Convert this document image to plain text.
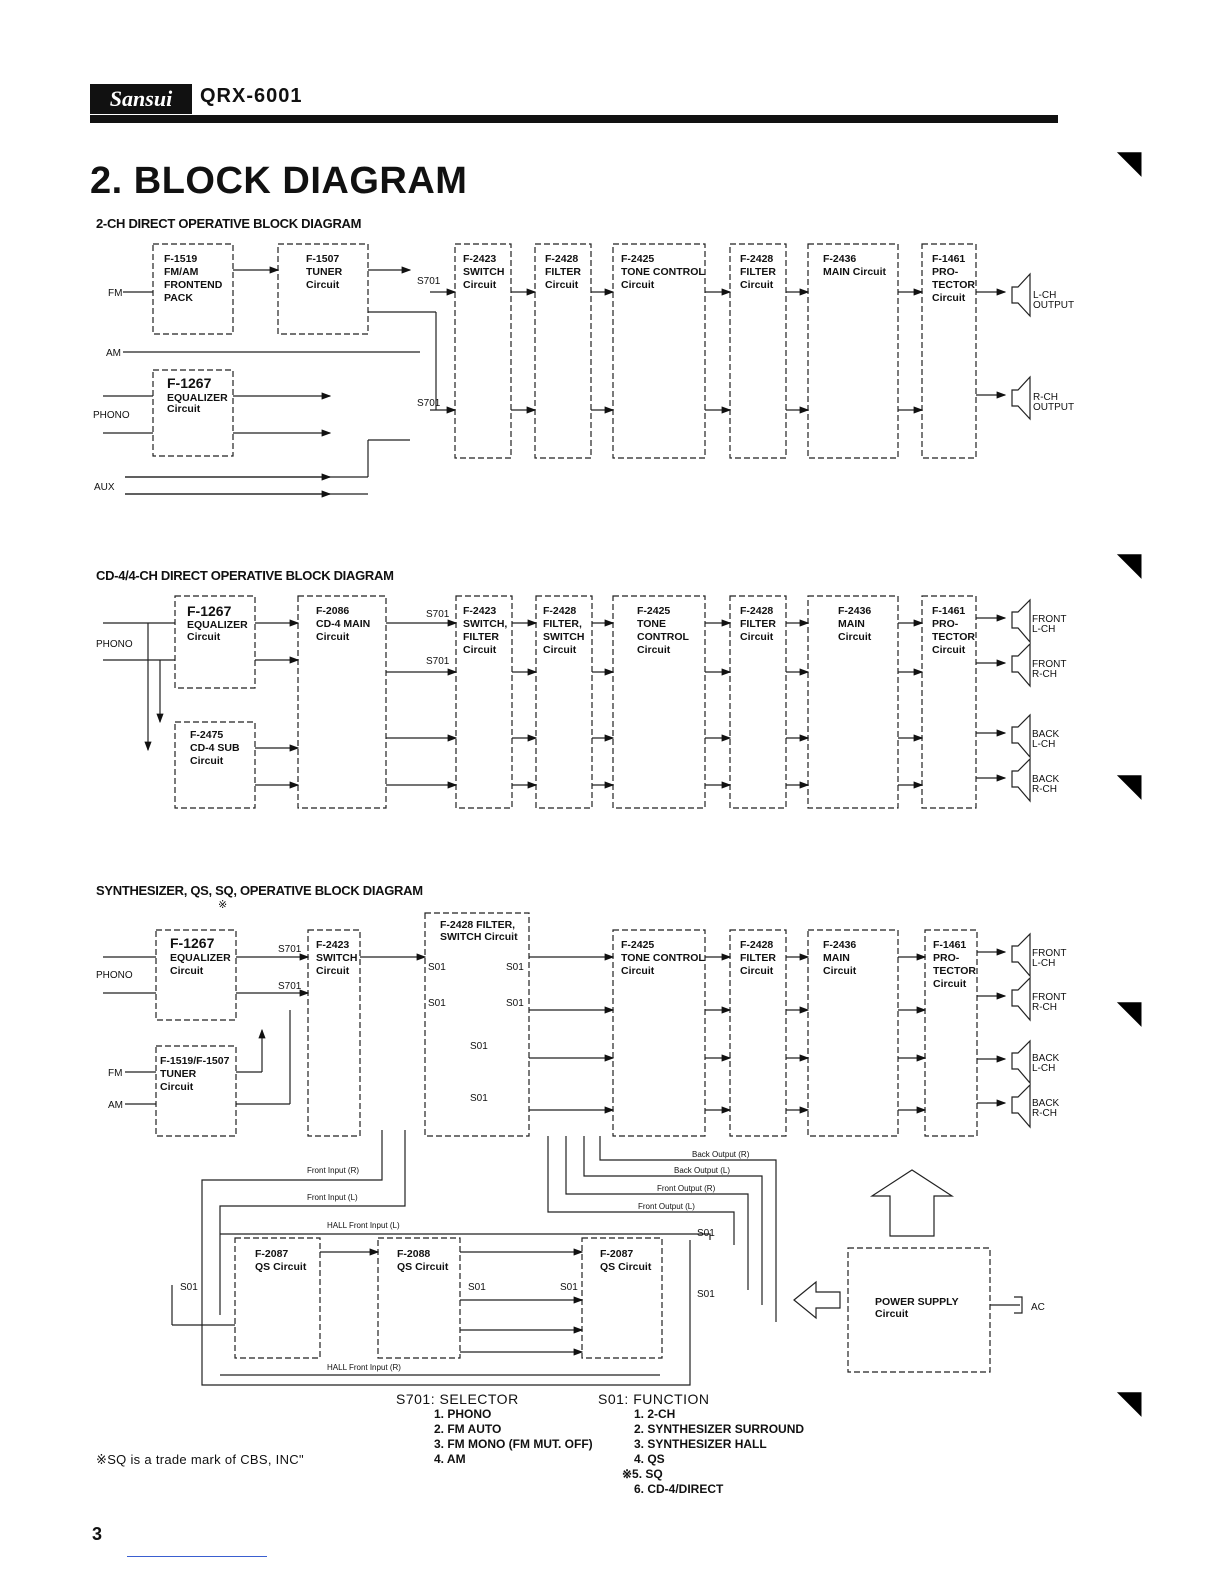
Sansui	QRX-6001
2. BLOCK DIAGRAM
2-CH DIRECT OPERATIVE BLOCK DIAGRAM
CD-4/4-CH DIRECT OPERATIVE BLOCK DIAGRAM
SYNTHESIZER, QS, SQ, OPERATIVE BLOCK DIAGRAM
※
F-1519
FM/AM
FRONTEND
PACK
F-1507
TUNER
Circuit
F-1267
EQUALIZER
Circuit
F-2423
SWITCH
Circuit
F-2428
FILTER
Circuit
F-2425
TONE CONTROL
Circuit
F-2428
FILTER
Circuit
F-2436
MAIN Circuit
F-1461
PRO-
TECTOR
Circuit
FM
AM
PHONO
AUX
S701
S701
L-CH
OUTPUT
R-CH
OUTPUT
F-1267
EQUALIZER
Circuit
F-2086
CD-4 MAIN
Circuit
F-2475
CD-4 SUB
Circuit
F-2423
SWITCH,
FILTER
Circuit
F-2428
FILTER,
SWITCH
Circuit
F-2425
TONE
CONTROL
Circuit
F-2428
FILTER
Circuit
F-2436
MAIN
Circuit
F-1461
PRO-
TECTOR
Circuit
PHONO
S701
S701
FRONT
L-CH
FRONT
R-CH
BACK
L-CH
BACK
R-CH
F-1267
EQUALIZER
Circuit
F-1519/F-1507
TUNER
Circuit
F-2423
SWITCH
Circuit
F-2428 FILTER,
SWITCH Circuit
F-2425
TONE CONTROL
Circuit
F-2428
FILTER
Circuit
F-2436
MAIN
Circuit
F-1461
PRO-
TECTOR
Circuit
F-2087
QS Circuit
F-2088
QS Circuit
F-2087
QS Circuit
POWER SUPPLY
Circuit
PHONO
FM
AM
S701
S701
S01	S01
S01	S01
S01
S01
FRONT
L-CH
FRONT
R-CH
BACK
L-CH
BACK
R-CH
Back Output (R)
Back Output (L)
Front Output (R)
Front Output (L)
Front Input (R)
Front Input (L)
HALL Front Input (L)
HALL Front Input (R)
S01	S01	S01
S01
S01
AC
◥
◥
◥
◥
◥
S701: SELECTOR
1. PHONO
2. FM AUTO
3. FM MONO (FM MUT. OFF)
4. AM
S01: FUNCTION
1. 2-CH
2. SYNTHESIZER SURROUND
3. SYNTHESIZER HALL
4. QS
※5. SQ
6. CD-4/DIRECT
※SQ is a trade mark of CBS, INC"
3
